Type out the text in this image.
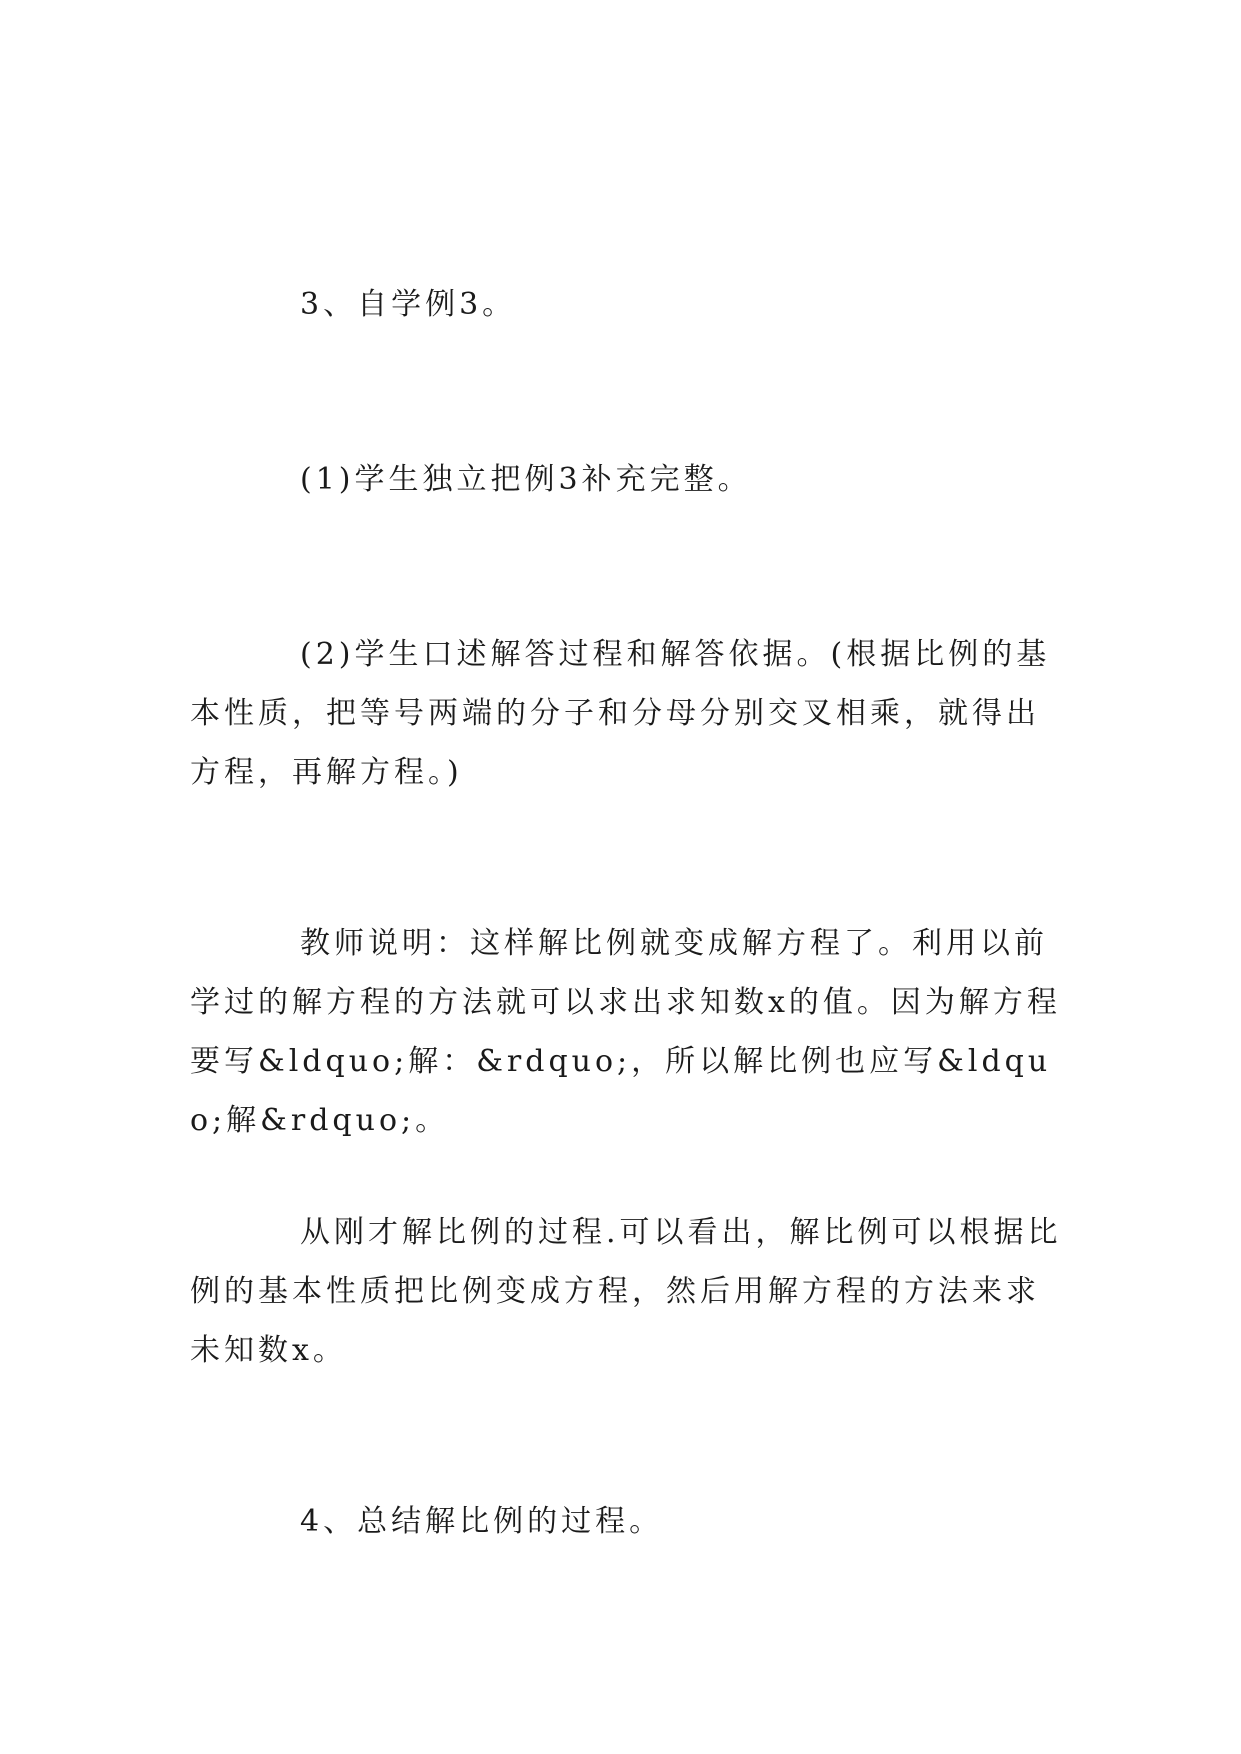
3、自学例3。

(1)学生独立把例3补充完整。

(2)学生口述解答过程和解答依据。(根据比例的基本性质，把等号两端的分子和分母分别交叉相乘，就得出方程，再解方程。)

教师说明：这样解比例就变成解方程了。利用以前学过的解方程的方法就可以求出求知数x的值。因为解方程要写&ldquo;解：&rdquo;，所以解比例也应写&ldquo;解&rdquo;。

从刚才解比例的过程.可以看出，解比例可以根据比例的基本性质把比例变成方程，然后用解方程的方法来求未知数x。

4、总结解比例的过程。
